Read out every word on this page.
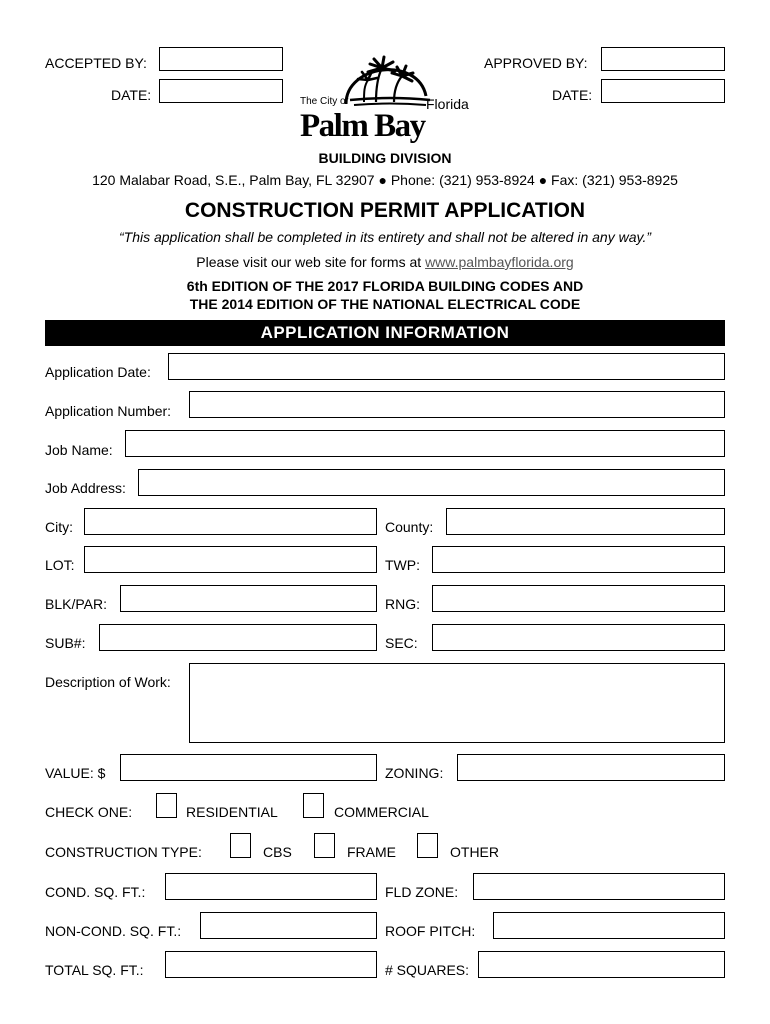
ACCEPTED BY:
DATE:
APPROVED BY:
DATE:
The City of	Florida
Palm Bay
BUILDING DIVISION
120 Malabar Road, S.E., Palm Bay, FL 32907 ● Phone: (321) 953-8924 ● Fax: (321) 953-8925
CONSTRUCTION PERMIT APPLICATION
“This application shall be completed in its entirety and shall not be altered in any way.”
Please visit our web site for forms at www.palmbayflorida.org
6th EDITION OF THE 2017 FLORIDA BUILDING CODES AND
THE 2014 EDITION OF THE NATIONAL ELECTRICAL CODE
APPLICATION INFORMATION
Application Date:
Application Number:
Job Name:
Job Address:
City:	County:
LOT:	TWP:
BLK/PAR:	RNG:
SUB#:	SEC:
Description of Work:
VALUE: $	ZONING:
CHECK ONE:	RESIDENTIAL	COMMERCIAL
CONSTRUCTION TYPE:	CBS	FRAME	OTHER
COND. SQ. FT.:	FLD ZONE:
NON-COND. SQ. FT.:	ROOF PITCH:
TOTAL SQ. FT.:	# SQUARES:
